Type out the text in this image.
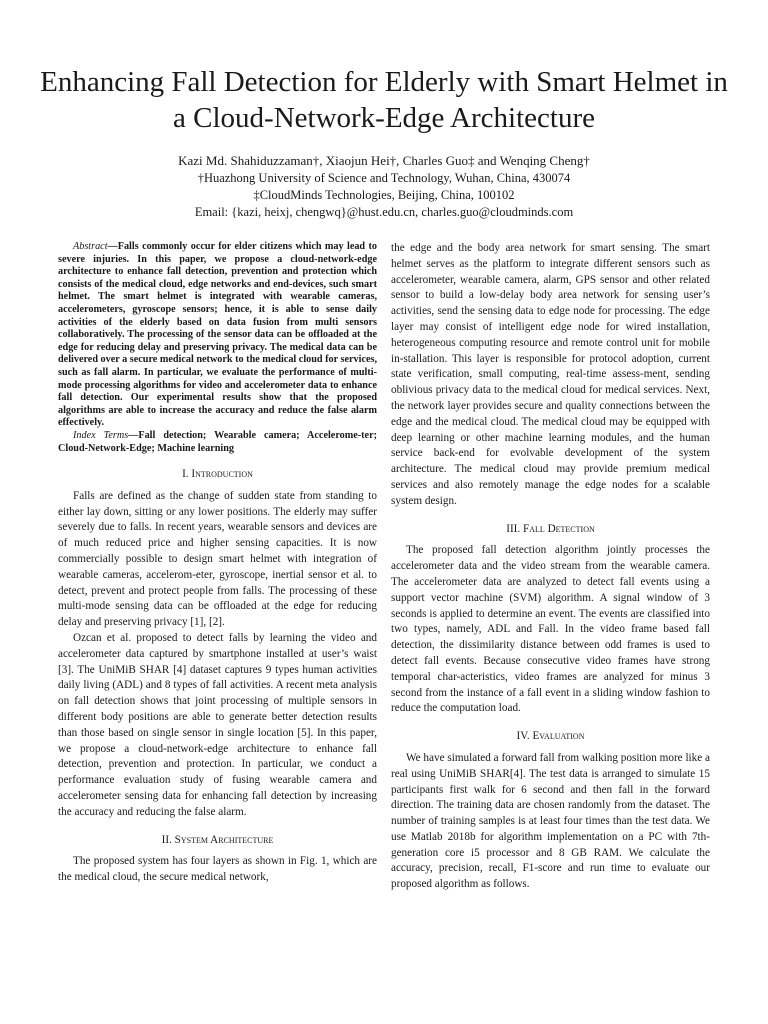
Enhancing Fall Detection for Elderly with Smart Helmet in a Cloud-Network-Edge Architecture
Kazi Md. Shahiduzzaman†, Xiaojun Hei†, Charles Guo‡ and Wenqing Cheng†
†Huazhong University of Science and Technology, Wuhan, China, 430074
‡CloudMinds Technologies, Beijing, China, 100102
Email: {kazi, heixj, chengwq}@hust.edu.cn, charles.guo@cloudminds.com

Abstract—Falls commonly occur for elder citizens which may lead to severe injuries. In this paper, we propose a cloud-network-edge architecture to enhance fall detection, prevention and protection which consists of the medical cloud, edge networks and end-devices, such smart helmet. The smart helmet is integrated with wearable cameras, accelerometers, gyroscope sensors; hence, it is able to sense daily activities of the elderly based on data fusion from multi sensors collaboratively. The processing of the sensor data can be offloaded at the edge for reducing delay and preserving privacy. The medical data can be delivered over a secure medical network to the medical cloud for services, such as fall alarm. In particular, we evaluate the performance of multi-mode processing algorithms for video and accelerometer data to enhance fall detection. Our experimental results show that the proposed algorithms are able to increase the accuracy and reduce the false alarm effectively.

Index Terms—Fall detection; Wearable camera; Accelerome-ter; Cloud-Network-Edge; Machine learning

I. Introduction

Falls are defined as the change of sudden state from standing to either lay down, sitting or any lower positions. The elderly may suffer severely due to falls. In recent years, wearable sensors and devices are of much reduced price and higher sensing capacities. It is now commercially possible to design smart helmet with integration of wearable cameras, accelerom-eter, gyroscope, inertial sensor et al. to detect, prevent and protect people from falls. The processing of these multi-mode sensing data can be offloaded at the edge for reducing delay and preserving privacy [1], [2].

Ozcan et al. proposed to detect falls by learning the video and accelerometer data captured by smartphone installed at user’s waist [3]. The UniMiB SHAR [4] dataset captures 9 types human activities daily living (ADL) and 8 types of fall activities. A recent meta analysis on fall detection shows that joint processing of multiple sensors in different body positions are able to generate better detection results than those based on single sensor in single location [5]. In this paper, we propose a cloud-network-edge architecture to enhance fall detection, prevention and protection. In particular, we conduct a performance evaluation study of fusing wearable camera and accelerometer sensing data for enhancing fall detection by increasing the accuracy and reducing the false alarm.

II. System Architecture

The proposed system has four layers as shown in Fig. 1, which are the medical cloud, the secure medical network,

the edge and the body area network for smart sensing. The smart helmet serves as the platform to integrate different sensors such as accelerometer, wearable camera, alarm, GPS sensor and other related sensor to build a low-delay body area network for sensing user’s activities, send the sensing data to edge node for processing. The edge layer may consist of intelligent edge node for wired installation, heterogeneous computing resource and remote control unit for mobile in-stallation. This layer is responsible for protocol adoption, current state verification, small computing, real-time assess-ment, sending oblivious privacy data to the medical cloud for medical services. Next, the network layer provides secure and quality connections between the edge and the medical cloud. The medical cloud may be equipped with deep learning or other machine learning modules, and the human service back-end for evolvable development of the system architecture. The medical cloud may provide premium medical services and also remotely manage the edge nodes for a scalable system design.

III. Fall Detection

The proposed fall detection algorithm jointly processes the accelerometer data and the video stream from the wearable camera. The accelerometer data are analyzed to detect fall events using a support vector machine (SVM) algorithm. A signal window of 3 seconds is applied to determine an event. The events are classified into two types, namely, ADL and Fall. In the video frame based fall detection, the dissimilarity distance between odd frames is used to detect fall events. Because consecutive video frames have strong temporal char-acteristics, video frames are analyzed for minus 3 second from the instance of a fall event in a sliding window fashion to reduce the computation load.

IV. Evaluation

We have simulated a forward fall from walking position more like a real using UniMiB SHAR[4]. The test data is arranged to simulate 15 participants first walk for 6 second and then fall in the forward direction. The training data are chosen randomly from the dataset. The number of training samples is at least four times than the test data. We use Matlab 2018b for algorithm implementation on a PC with 7th-generation core i5 processor and 8 GB RAM. We calculate the accuracy, precision, recall, F1-score and run time to evaluate our proposed algorithm as follows.
